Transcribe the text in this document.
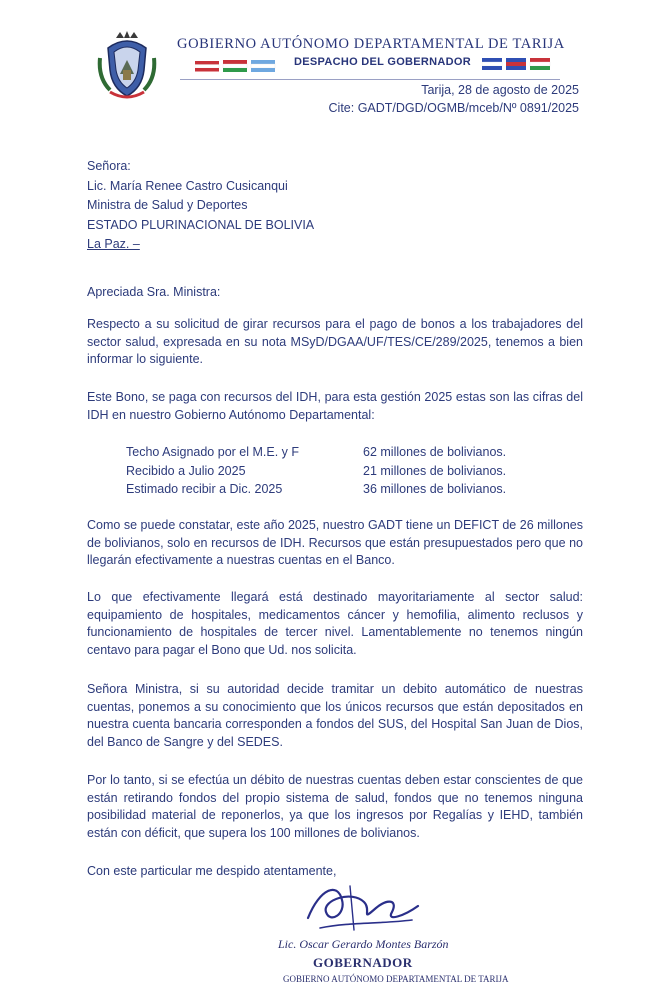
GOBIERNO AUTÓNOMO DEPARTAMENTAL DE TARIJA
DESPACHO DEL GOBERNADOR
Tarija, 28 de agosto de 2025
Cite: GADT/DGD/OGMB/mceb/Nº 0891/2025
Señora:
Lic. María Renee Castro Cusicanqui
Ministra de Salud y Deportes
ESTADO PLURINACIONAL DE BOLIVIA
La Paz. –
Apreciada Sra. Ministra:
Respecto a su solicitud de girar recursos para el pago de bonos a los trabajadores del sector salud, expresada en su nota MSyD/DGAA/UF/TES/CE/289/2025, tenemos a bien informar lo siguiente.
Este Bono, se paga con recursos del IDH, para esta gestión 2025 estas son las cifras del IDH en nuestro Gobierno Autónomo Departamental:
Techo Asignado por el M.E. y F	62 millones de bolivianos.
Recibido a Julio 2025	21 millones de bolivianos.
Estimado recibir a Dic. 2025	36 millones de bolivianos.
Como se puede constatar, este año 2025, nuestro GADT tiene un DEFICT de 26 millones de bolivianos, solo en recursos de IDH. Recursos que están presupuestados pero que no llegarán efectivamente a nuestras cuentas en el Banco.
Lo que efectivamente llegará está destinado mayoritariamente al sector salud: equipamiento de hospitales, medicamentos cáncer y hemofilia, alimento reclusos y funcionamiento de hospitales de tercer nivel. Lamentablemente no tenemos ningún centavo para pagar el Bono que Ud. nos solicita.
Señora Ministra, si su autoridad decide tramitar un debito automático de nuestras cuentas, ponemos a su conocimiento que los únicos recursos que están depositados en nuestra cuenta bancaria corresponden a fondos del SUS, del Hospital San Juan de Dios, del Banco de Sangre y del SEDES.
Por lo tanto, si se efectúa un débito de nuestras cuentas deben estar conscientes de que están retirando fondos del propio sistema de salud, fondos que no tenemos ninguna posibilidad material de reponerlos, ya que los ingresos por Regalías y IEHD, también están con déficit, que supera los 100 millones de bolivianos.
Con este particular me despido atentamente,
Lic. Oscar Gerardo Montes Barzón
GOBERNADOR
GOBIERNO AUTÓNOMO DEPARTAMENTAL DE TARIJA
